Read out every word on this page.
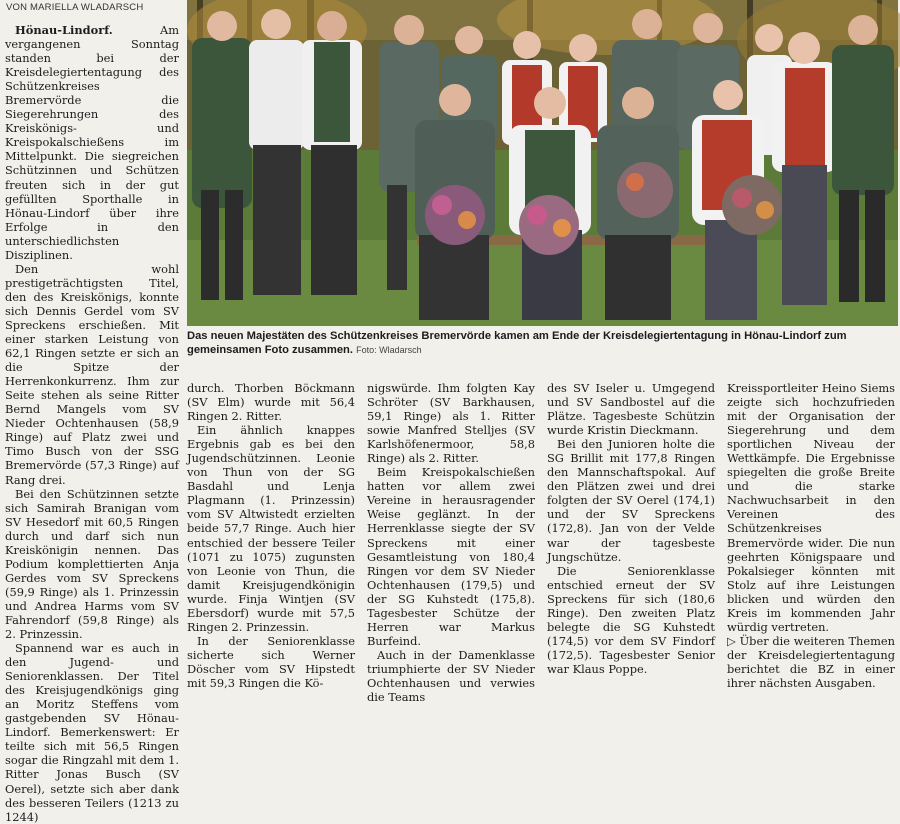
VON MARIELLA WLADARSCH

Hönau-Lindorf. Am vergangenen Sonntag standen bei der Kreisdelegiertentagung des Schützenkreises Bremervörde die Siegerehrungen des Kreiskönigs- und Kreispokalschießens im Mittelpunkt. Die siegreichen Schützinnen und Schützen freuten sich in der gut gefüllten Sporthalle in Hönau-Lindorf über ihre Erfolge in den unterschiedlichsten Disziplinen.

Den wohl prestigeträchtigsten Titel, den des Kreiskönigs, konnte sich Dennis Gerdel vom SV Spreckens erschießen. Mit einer starken Leistung von 62,1 Ringen setzte er sich an die Spitze der Herrenkonkurrenz. Ihm zur Seite stehen als seine Ritter Bernd Mangels vom SV Nieder Ochtenhausen (58,9 Ringe) auf Platz zwei und Timo Busch von der SSG Bremervörde (57,3 Ringe) auf Rang drei.

Bei den Schützinnen setzte sich Samirah Branigan vom SV Hesedorf mit 60,5 Ringen durch und darf sich nun Kreiskönigin nennen. Das Podium komplettierten Anja Gerdes vom SV Spreckens (59,9 Ringe) als 1. Prinzessin und Andrea Harms vom SV Fahrendorf (59,8 Ringe) als 2. Prinzessin.

Spannend war es auch in den Jugend- und Seniorenklassen. Der Titel des Kreisjugendkönigs ging an Moritz Steffens vom gastgebenden SV Hönau-Lindorf. Bemerkenswert: Er teilte sich mit 56,5 Ringen sogar die Ringzahl mit dem 1. Ritter Jonas Busch (SV Oerel), setzte sich aber dank des besseren Teilers (1213 zu 1244)

Das neuen Majestäten des Schützenkreises Bremervörde kamen am Ende der Kreisdelegiertentagung in Hönau-Lindorf zum gemeinsamen Foto zusammen. Foto: Wladarsch

durch. Thorben Böckmann (SV Elm) wurde mit 56,4 Ringen 2. Ritter.

Ein ähnlich knappes Ergebnis gab es bei den Jugendschützinnen. Leonie von Thun von der SG Basdahl und Lenja Plagmann (1. Prinzessin) vom SV Altwistedt erzielten beide 57,7 Ringe. Auch hier entschied der bessere Teiler (1071 zu 1075) zugunsten von Leonie von Thun, die damit Kreisjugendkönigin wurde. Finja Wintjen (SV Ebersdorf) wurde mit 57,5 Ringen 2. Prinzessin.

In der Seniorenklasse sicherte sich Werner Döscher vom SV Hipstedt mit 59,3 Ringen die Kö-

nigswürde. Ihm folgten Kay Schröter (SV Barkhausen, 59,1 Ringe) als 1. Ritter sowie Manfred Stelljes (SV Karlshöfenermoor, 58,8 Ringe) als 2. Ritter.

Beim Kreispokalschießen hatten vor allem zwei Vereine in herausragender Weise geglänzt. In der Herrenklasse siegte der SV Spreckens mit einer Gesamtleistung von 180,4 Ringen vor dem SV Nieder Ochtenhausen (179,5) und der SG Kuhstedt (175,8). Tagesbester Schütze der Herren war Markus Burfeind.

Auch in der Damenklasse triumphierte der SV Nieder Ochtenhausen und verwies die Teams

des SV Iseler u. Umgegend und SV Sandbostel auf die Plätze. Tagesbeste Schützin wurde Kristin Dieckmann.

Bei den Junioren holte die SG Brillit mit 177,8 Ringen den Mannschaftspokal. Auf den Plätzen zwei und drei folgten der SV Oerel (174,1) und der SV Spreckens (172,8). Jan von der Velde war der tagesbeste Jungschütze.

Die Seniorenklasse entschied erneut der SV Spreckens für sich (180,6 Ringe). Den zweiten Platz belegte die SG Kuhstedt (174,5) vor dem SV Findorf (172,5). Tagesbester Senior war Klaus Poppe.

Kreissportleiter Heino Siems zeigte sich hochzufrieden mit der Organisation der Siegerehrung und dem sportlichen Niveau der Wettkämpfe. Die Ergebnisse spiegelten die große Breite und die starke Nachwuchsarbeit in den Vereinen des Schützenkreises Bremervörde wider. Die nun geehrten Königspaare und Pokalsieger könnten mit Stolz auf ihre Leistungen blicken und würden den Kreis im kommenden Jahr würdig vertreten.

▷ Über die weiteren Themen der Kreisdelegiertentagung berichtet die BZ in einer ihrer nächsten Ausgaben.
